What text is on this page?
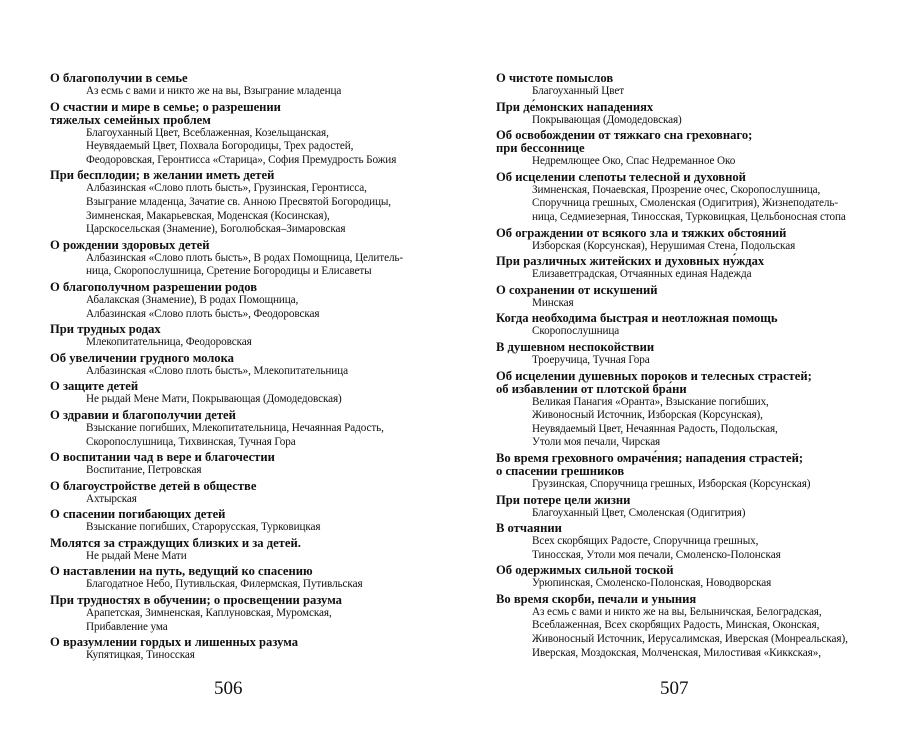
О благополучии в семье
Аз есмь с вами и никто же на вы, Взыграние младенца
О счастии и мире в семье; о разрешении
тяжелых семейных проблем
Благоуханный Цвет, Всеблаженная, Козельщанская,
Неувядаемый Цвет, Похвала Богородицы, Трех радостей,
Феодоровская, Геронтисса «Старица», София Премудрость Божия
При бесплодии; в желании иметь детей
Албазинская «Слово плоть бысть», Грузинская, Геронтисса,
Взыграние младенца, Зачатие св. Анною Пресвятой Богородицы,
Зимненская, Макарьевская, Моденская (Косинская),
Царскосельская (Знамение), Боголюбская–Зимаровская
О рождении здоровых детей
Албазинская «Слово плоть бысть», В родах Помощница, Целитель-
ница, Скоропослушница, Сретение Богородицы и Елисаветы
О благополучном разрешении родов
Абалакская (Знамение), В родах Помощница,
Албазинская «Слово плоть бысть», Феодоровская
При трудных родах
Млекопитательница, Феодоровская
Об увеличении грудного молока
Албазинская «Слово плоть бысть», Млекопитательница
О защите детей
Не рыдай Мене Мати, Покрывающая (Домодедовская)
О здравии и благополучии детей
Взыскание погибших, Млекопитательница, Нечаянная Радость,
Скоропослушница, Тихвинская, Тучная Гора
О воспитании чад в вере и благочестии
Воспитание, Петровская
О благоустройстве детей в обществе
Ахтырская
О спасении погибающих детей
Взыскание погибших, Старорусская, Турковицкая
Молятся за страждущих близких и за детей.
Не рыдай Мене Мати
О наставлении на путь, ведущий ко спасению
Благодатное Небо, Путивльская, Филермская, Путивльская
При трудностях в обучении; о просвещении разума
Арапетская, Зимненская, Каплуновская, Муромская,
Прибавление ума
О вразумлении гордых и лишенных разума
Купятицкая, Тиносская
О чистоте помыслов
Благоуханный Цвет
При де́монских нападениях
Покрывающая (Домодедовская)
Об освобождении от тяжкаго сна греховнаго;
при бессоннице
Недремлющее Око, Спас Недреманное Око
Об исцелении слепоты телесной и духовной
Зимненская, Почаевская, Прозрение очес, Скоропослушница,
Споручница грешных, Смоленская (Одигитрия), Жизнеподатель-
ница, Седмиезерная, Тиносская, Турковицкая, Цельбоносная стопа
Об ограждении от всякого зла и тяжких обстояний
Изборская (Корсунская), Нерушимая Стена, Подольская
При различных житейских и духовных ну́ждах
Елизаветградская, Отчаянных единая Надежда
О сохранении от искушений
Минская
Когда необходима быстрая и неотложная помощь
Скоропослушница
В душевном неспокойствии
Троеручица, Тучная Гора
Об исцелении душевных пороков и телесных страстей;
об избавлении от плотской бра́ни
Великая Панагия «Оранта», Взыскание погибших,
Живоносный Источник, Изборская (Корсунская),
Неувядаемый Цвет, Нечаянная Радость, Подольская,
Утоли моя печали, Чирская
Во время греховного омраче́ния; нападения страстей;
о спасении грешников
Грузинская, Споручница грешных, Изборская (Корсунская)
При потере цели жизни
Благоуханный Цвет, Смоленская (Одигитрия)
В отчаянии
Всех скорбящих Радосте, Споручница грешных,
Тиносская, Утоли моя печали, Смоленско-Полонская
Об одержимых сильной тоской
Урюпинская, Смоленско-Полонская, Новодворская
Во время скорби, печали и уныния
Аз есмь с вами и никто же на вы, Белыничская, Белоградская,
Всеблаженная, Всех скорбящих Радость, Минская, Оконская,
Живоносный Источник, Иерусалимская, Иверская (Монреальская),
Иверская, Моздокская, Молченская, Милостивая «Киккская»,
506	507
